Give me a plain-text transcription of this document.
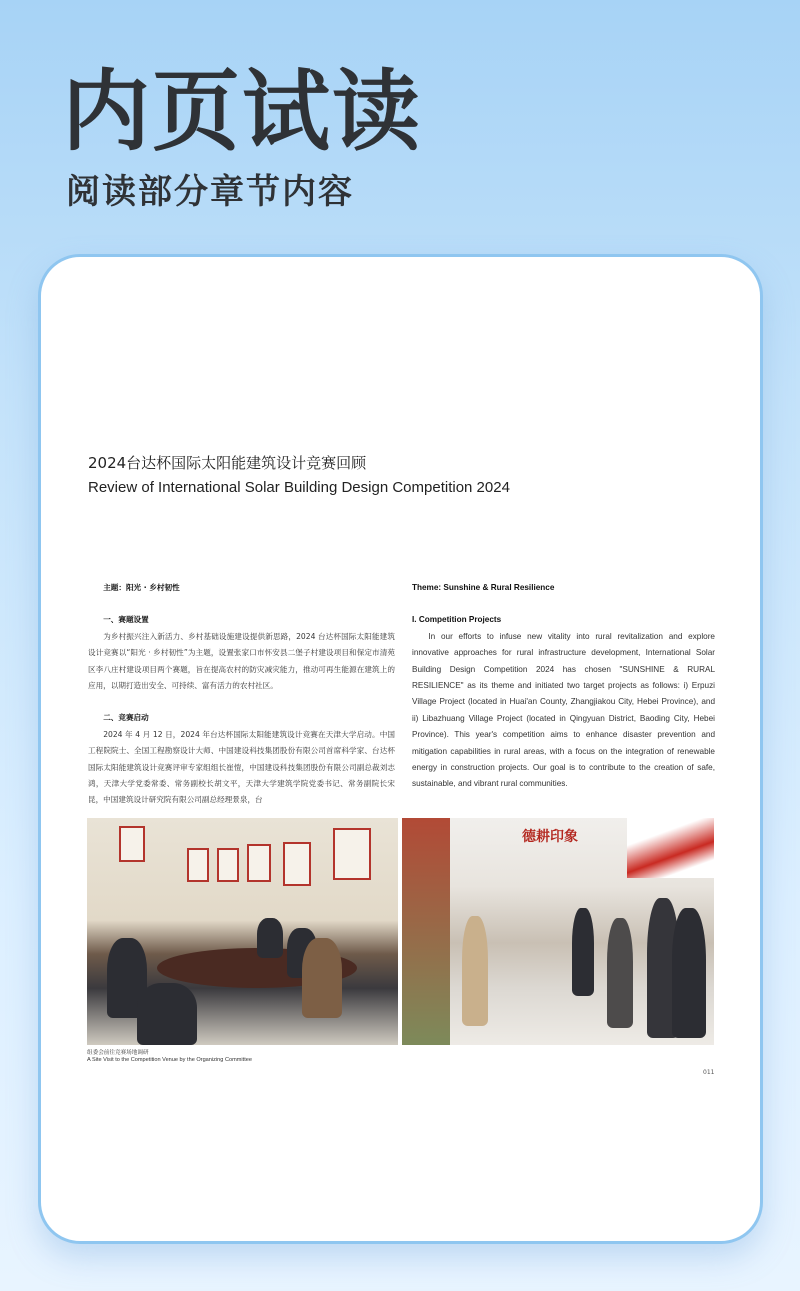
内页试读
阅读部分章节内容
2024台达杯国际太阳能建筑设计竞赛回顾
Review of International Solar Building Design Competition 2024

主题：阳光 · 乡村韧性

一、赛题设置

为乡村振兴注入新活力、乡村基础设施建设提供新思路，2024 台达杯国际太阳能建筑设计竞赛以“阳光 · 乡村韧性”为主题，设置张家口市怀安县二堡子村建设项目和保定市清苑区李八庄村建设项目两个赛题，旨在提高农村的防灾减灾能力，推动可再生能源在建筑上的应用，以期打造出安全、可持续、富有活力的农村社区。

二、竞赛启动

2024 年 4 月 12 日，2024 年台达杯国际太阳能建筑设计竞赛在天津大学启动。中国工程院院士、全国工程勘察设计大师、中国建设科技集团股份有限公司首席科学家、台达杯国际太阳能建筑设计竞赛评审专家组组长崔愷，中国建设科技集团股份有限公司副总裁刘志鸿，天津大学党委常委、常务副校长胡文平，天津大学建筑学院党委书记、常务副院长宋昆，中国建筑设计研究院有限公司副总经理景泉，台

Theme: Sunshine & Rural Resilience

I. Competition Projects

In our efforts to infuse new vitality into rural revitalization and explore innovative approaches for rural infrastructure development, International Solar Building Design Competition 2024 has chosen "SUNSHINE & RURAL RESILIENCE" as its theme and initiated two target projects as follows: i) Erpuzi Village Project (located in Huai'an County, Zhangjiakou City, Hebei Province), and ii) Libazhuang Village Project (located in Qingyuan District, Baoding City, Hebei Province). This year's competition aims to enhance disaster prevention and mitigation capabilities in rural areas, with a focus on the integration of renewable energy in construction projects. Our goal is to contribute to the creation of safe, sustainable, and vibrant rural communities.

德耕印象
组委会前往竞赛场地调研
A Site Visit to the Competition Venue by the Organizing Committee
011
